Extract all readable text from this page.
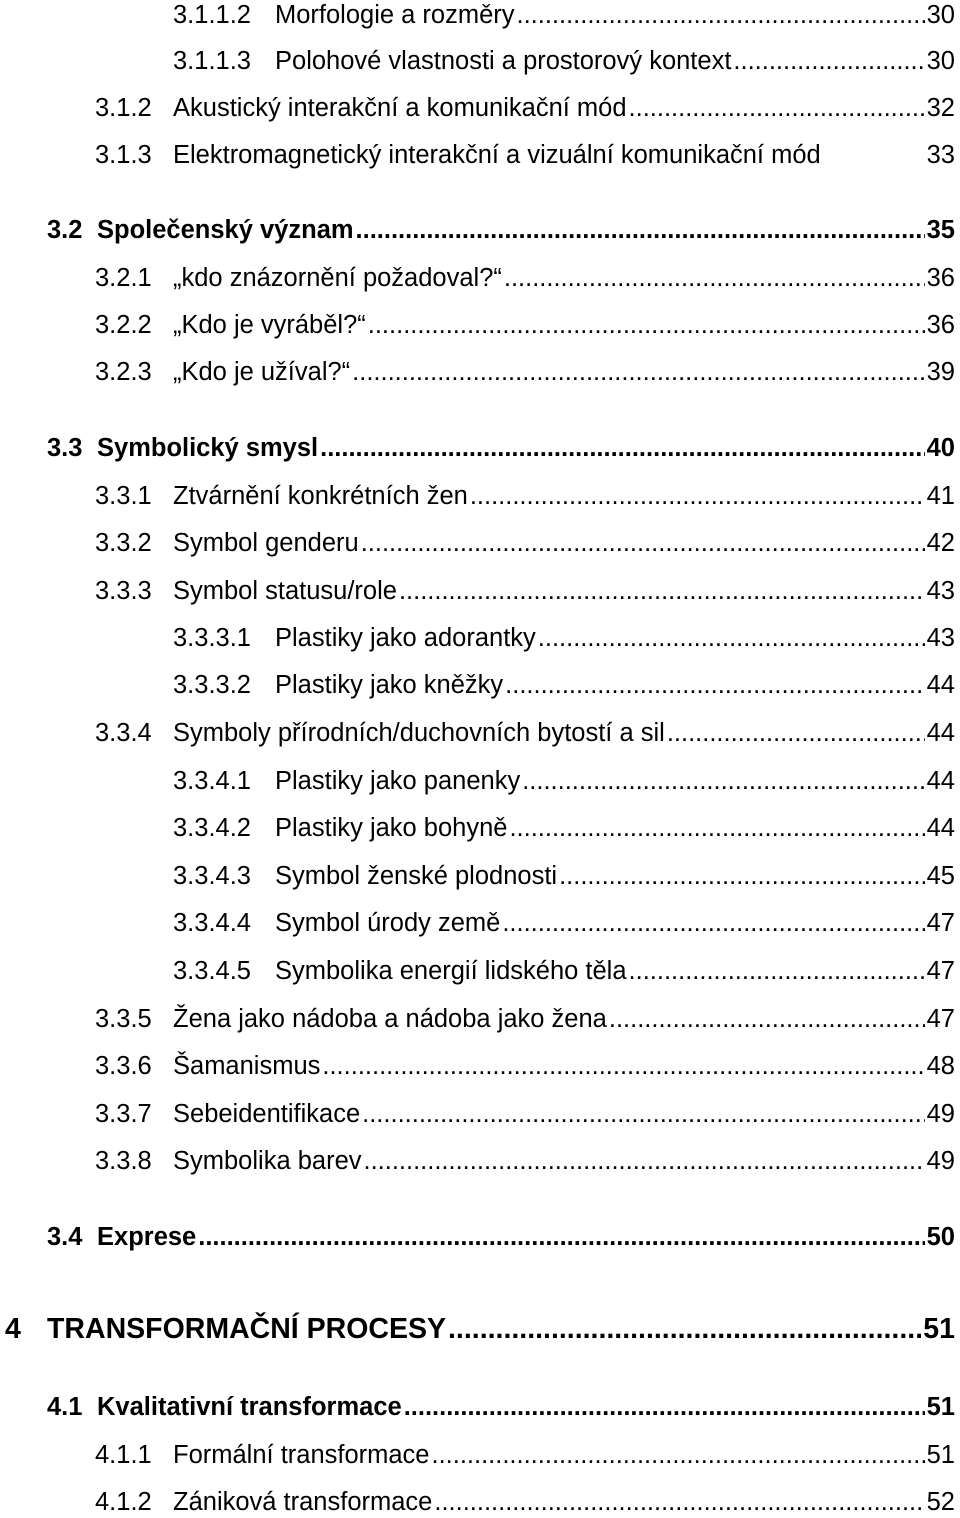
3.1.1.2 Morfologie a rozměry .....	30
3.1.1.3 Polohové vlastnosti a prostorový kontext .....	30
3.1.2 Akustický interakční a komunikační mód .....	32
3.1.3 Elektromagnetický interakční a vizuální komunikační mód	33
3.2 Společenský význam .....	35
3.2.1 „kdo znázornění požadoval?“ .....	36
3.2.2 „Kdo je vyráběl?“ .....	36
3.2.3 „Kdo je užíval?“ .....	39
3.3 Symbolický smysl .....	40
3.3.1 Ztvárnění konkrétních žen .....	41
3.3.2 Symbol genderu .....	42
3.3.3 Symbol statusu/role .....	43
3.3.3.1 Plastiky jako adorantky .....	43
3.3.3.2 Plastiky jako kněžky .....	44
3.3.4 Symboly přírodních/duchovních bytostí a sil .....	44
3.3.4.1 Plastiky jako panenky .....	44
3.3.4.2 Plastiky jako bohyně .....	44
3.3.4.3 Symbol ženské plodnosti .....	45
3.3.4.4 Symbol úrody země .....	47
3.3.4.5 Symbolika energií lidského těla .....	47
3.3.5 Žena jako nádoba a nádoba jako žena .....	47
3.3.6 Šamanismus .....	48
3.3.7 Sebeidentifikace .....	49
3.3.8 Symbolika barev .....	49
3.4 Exprese .....	50
4 TRANSFORMAČNÍ PROCESY .....	51
4.1 Kvalitativní transformace .....	51
4.1.1 Formální transformace .....	51
4.1.2 Zániková transformace .....	52
